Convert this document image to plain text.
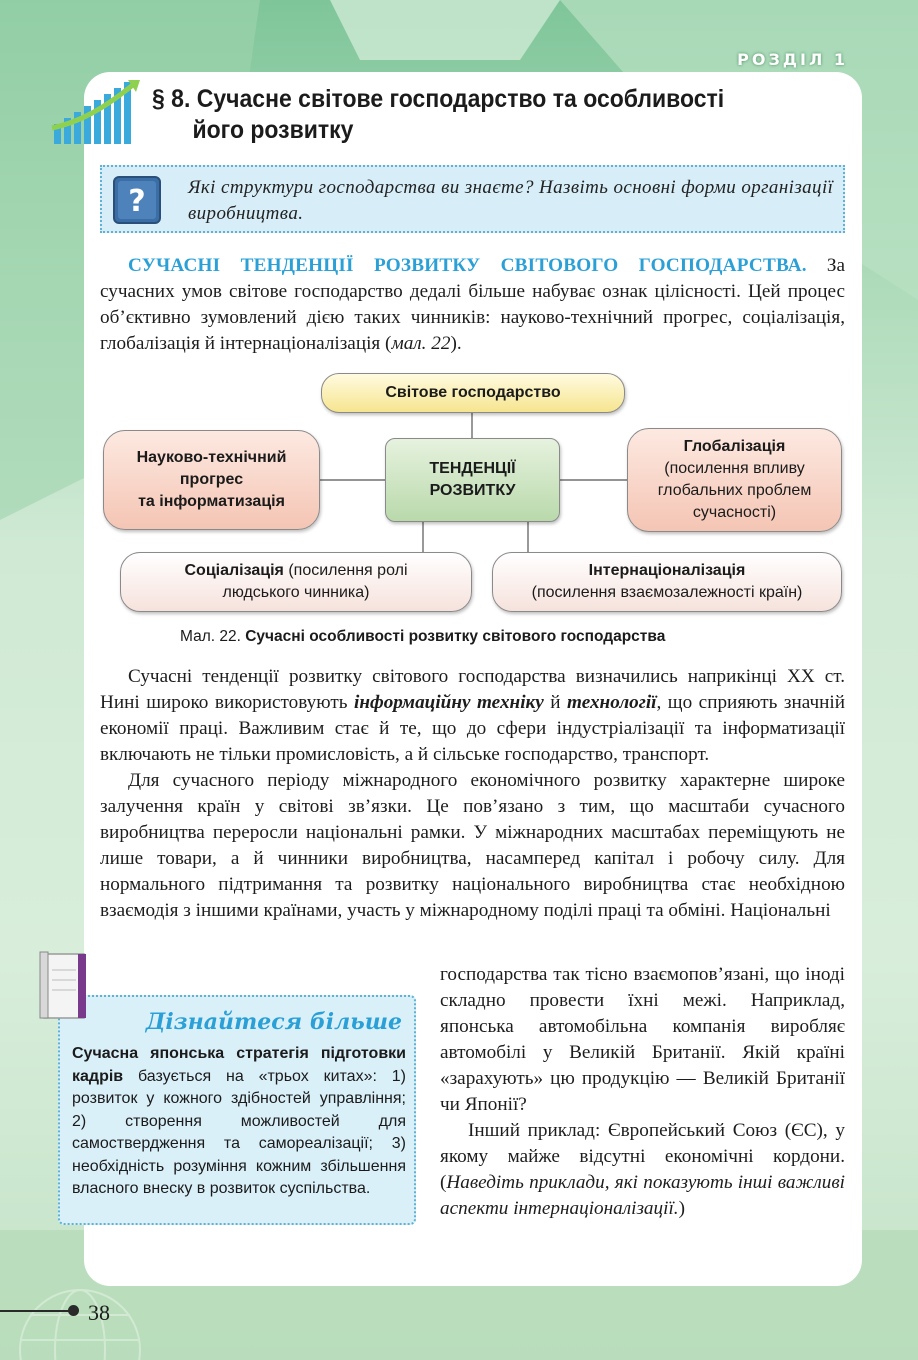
РОЗДІЛ 1
§ 8. Сучасне світове господарство та особливості
його розвитку
? Які структури господарства ви знаєте? Назвіть основні форми організації виробництва.

СУЧАСНІ ТЕНДЕНЦІЇ РОЗВИТКУ СВІТОВОГО ГОСПОДАРСТВА. За сучасних умов світове господарство дедалі більше набуває ознак цілісності. Цей процес об’єктивно зумовлений дією таких чинників: науково-технічний прогрес, соціалізація, глобалізація й інтернаціоналізація (мал. 22).

Світове господарство
ТЕНДЕНЦІЇ
РОЗВИТКУ
Науково-технічний
прогрес
та інформатизація
Глобалізація
(посилення впливу
глобальних проблем
сучасності)
Соціалізація (посилення ролі
людського чинника)
Інтернаціоналізація
(посилення взаємозалежності країн)
Мал. 22. Сучасні особливості розвитку світового господарства

Сучасні тенденції розвитку світового господарства визначились наприкінці XX ст. Нині широко використовують інформаційну техніку й технології, що сприяють значній економії праці. Важливим стає й те, що до сфери індустріалізації та інформатизації включають не тільки промисловість, а й сільське господарство, транспорт.

Для сучасного періоду міжнародного економічного розвитку характерне широке залучення країн у світові зв’язки. Це пов’язано з тим, що масштаби сучасного виробництва переросли національні рамки. У міжнародних масштабах переміщують не лише товари, а й чинники виробництва, насамперед капітал і робочу силу. Для нормального підтримання та розвитку національного виробництва стає необхідною взаємодія з іншими країнами, участь у міжнародному поділі праці та обміні. Національні

господарства так тісно взаємопов’язані, що іноді складно провести їхні межі. Наприклад, японська автомобільна компанія виробляє автомобілі у Великій Британії. Якій країні «зарахують» цю продукцію — Великій Британії чи Японії?

Інший приклад: Європейський Союз (ЄС), у якому майже відсутні економічні кордони. (Наведіть приклади, які показують інші важливі аспекти інтернаціоналізації.)

Дізнайтеся більше
Сучасна японська стратегія підготовки кадрів базується на «трьох китах»: 1) розвиток у кожного здібностей управління; 2) створення можливостей для самоствердження та самореалізації; 3) необхідність розуміння кожним збільшення власного внеску в розвиток суспільства.
38
